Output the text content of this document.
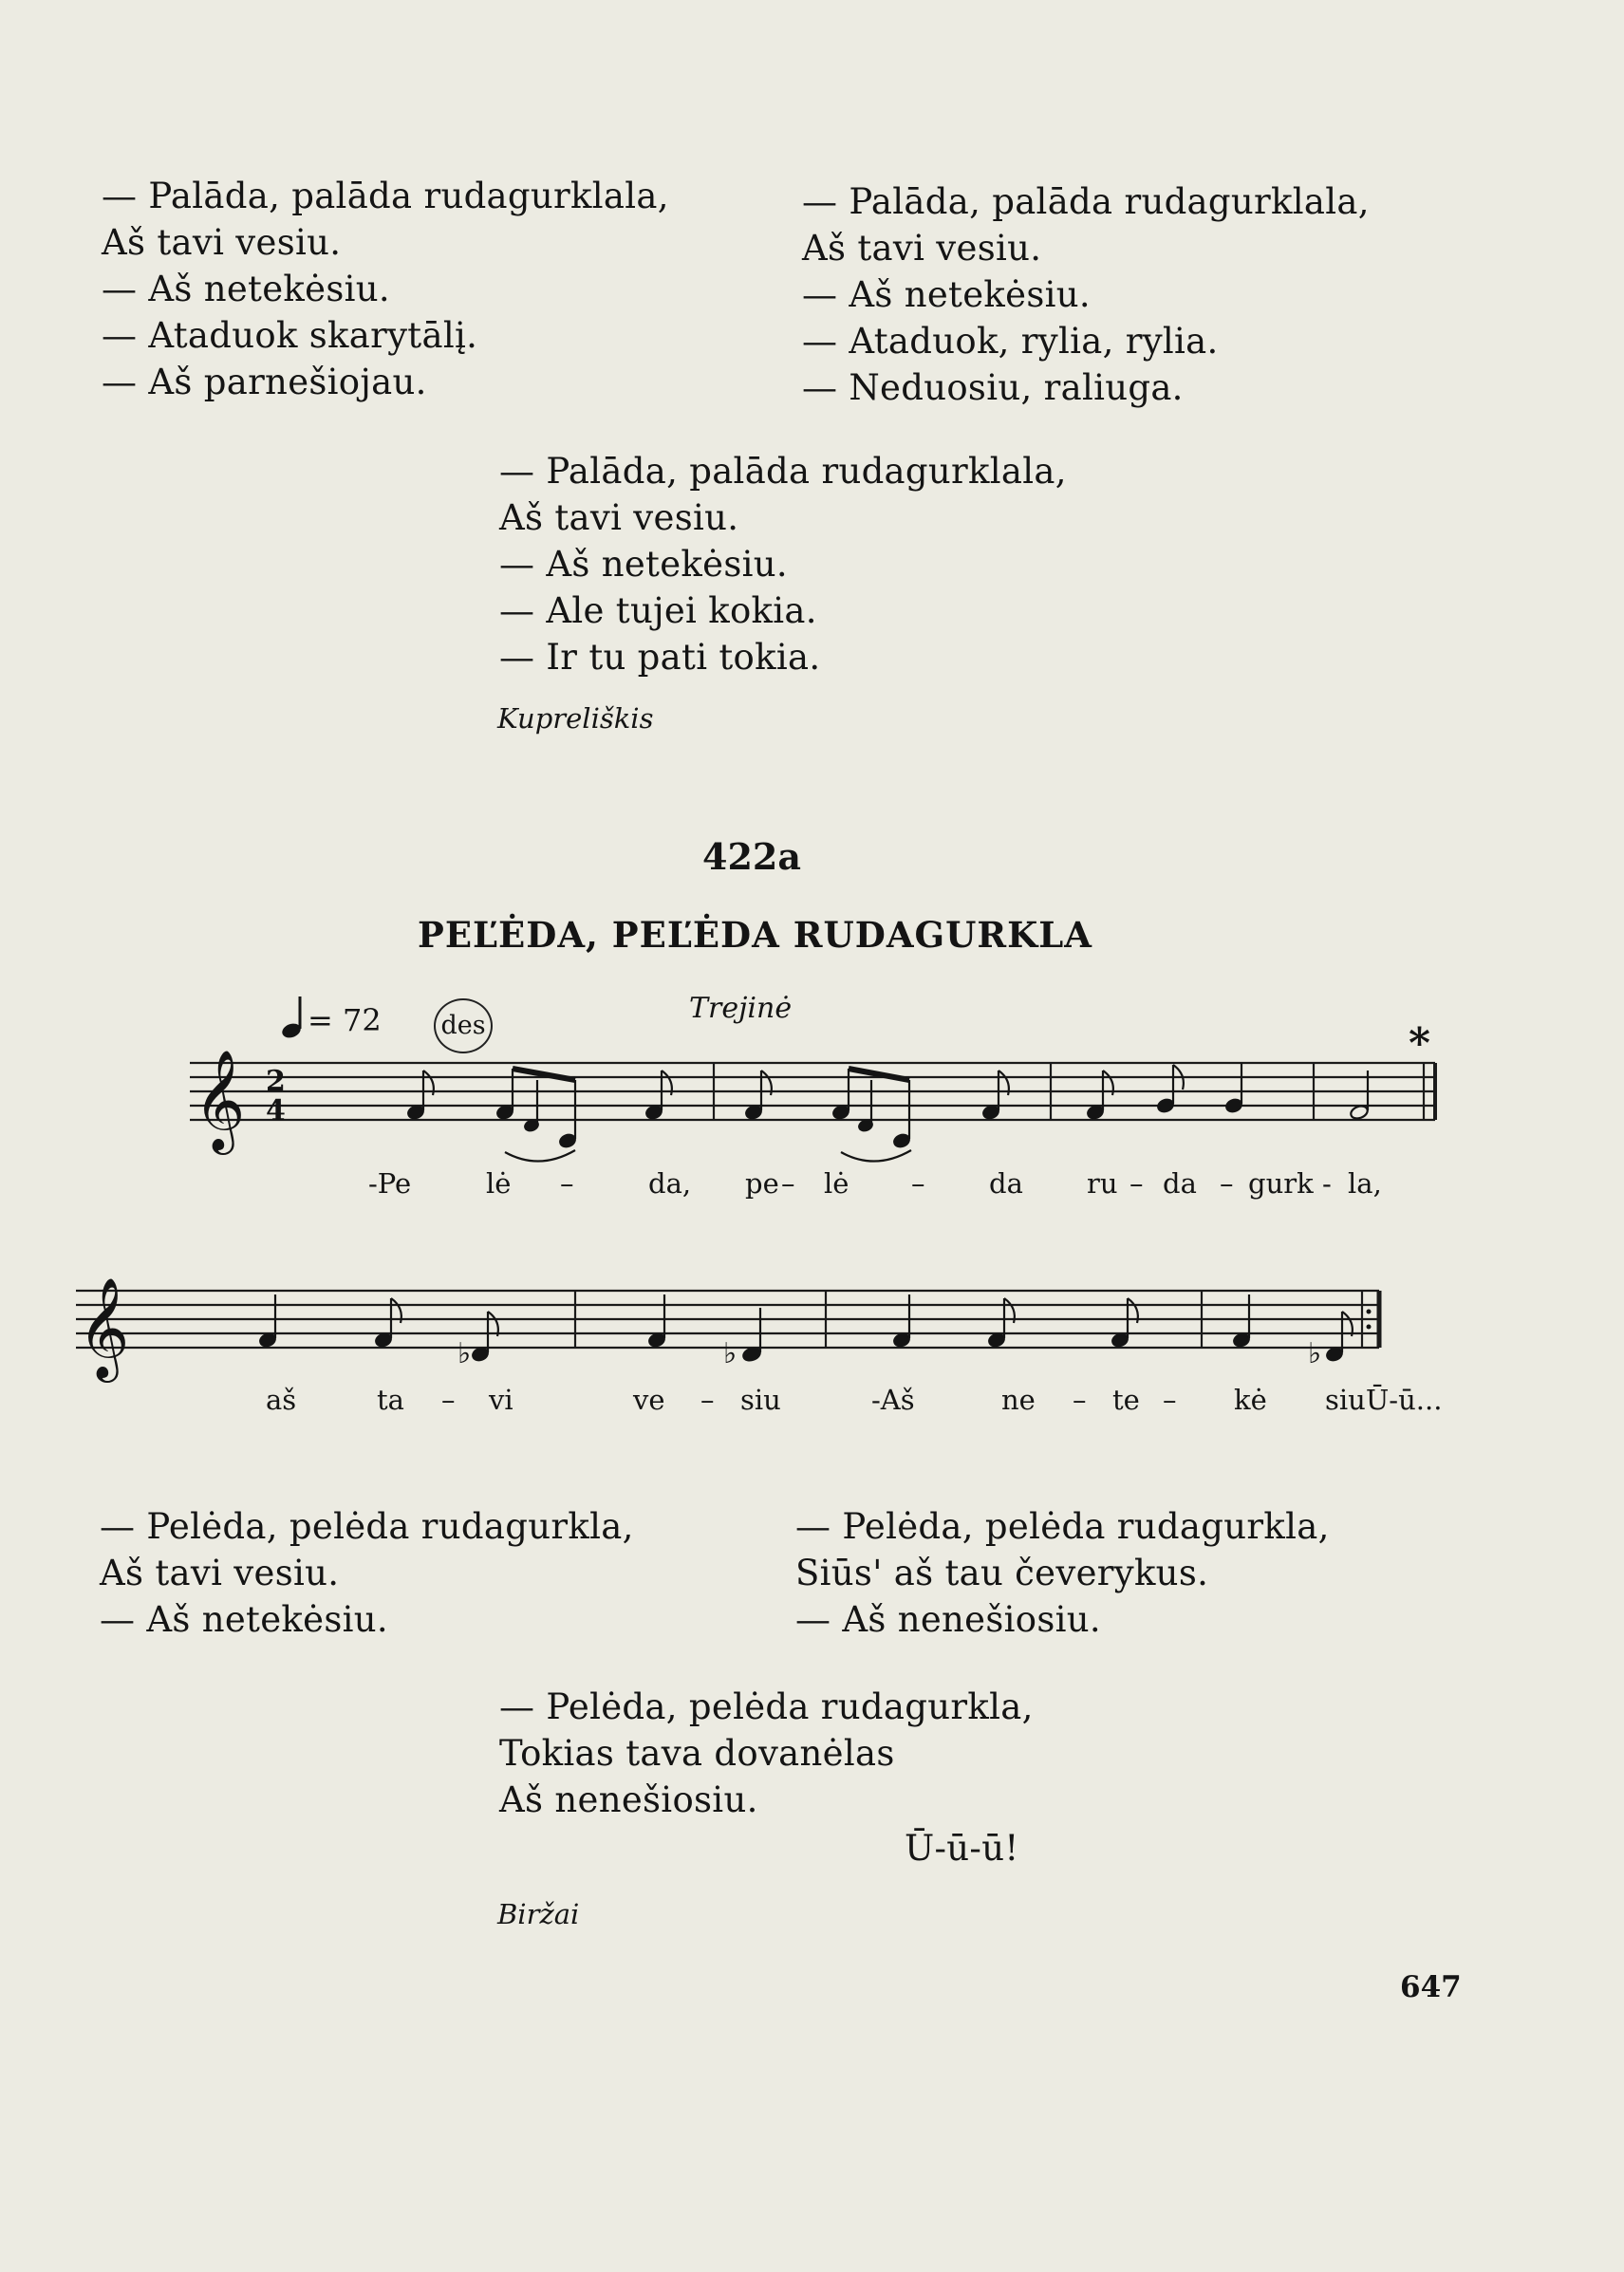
— Palāda, palāda rudagurklala,
Aš tavi vesiu.
— Aš netekėsiu.
— Ataduok skarytālį.
— Aš parnešiojau.
— Palāda, palāda rudagurklala,
Aš tavi vesiu.
— Aš netekėsiu.
— Ataduok, rylia, rylia.
— Neduosiu, raliuga.
— Palāda, palāda rudagurklala,
Aš tavi vesiu.
— Aš netekėsiu.
— Ale tujei kokia.
— Ir tu pati tokia.
Kupreliškis
422a
PEĽĖDA, PEĽĖDA RUDAGURKLA
= 72 des
Trejinė
*
𝄞 2
4
-Pe	lė –	da, pe – lė – da ru – da – gurk - la,
𝄞	♭	♭	♭
aš	ta – vi	ve – siu	-Aš	ne – te – kė siuŪ-ū...
— Pelėda, pelėda rudagurkla,
Aš tavi vesiu.
— Aš netekėsiu.
— Pelėda, pelėda rudagurkla,
Siūs' aš tau čeverykus.
— Aš nenešiosiu.
— Pelėda, pelėda rudagurkla,
Tokias tava dovanėlas
Aš nenešiosiu.
Ū-ū-ū!
Biržai
647
